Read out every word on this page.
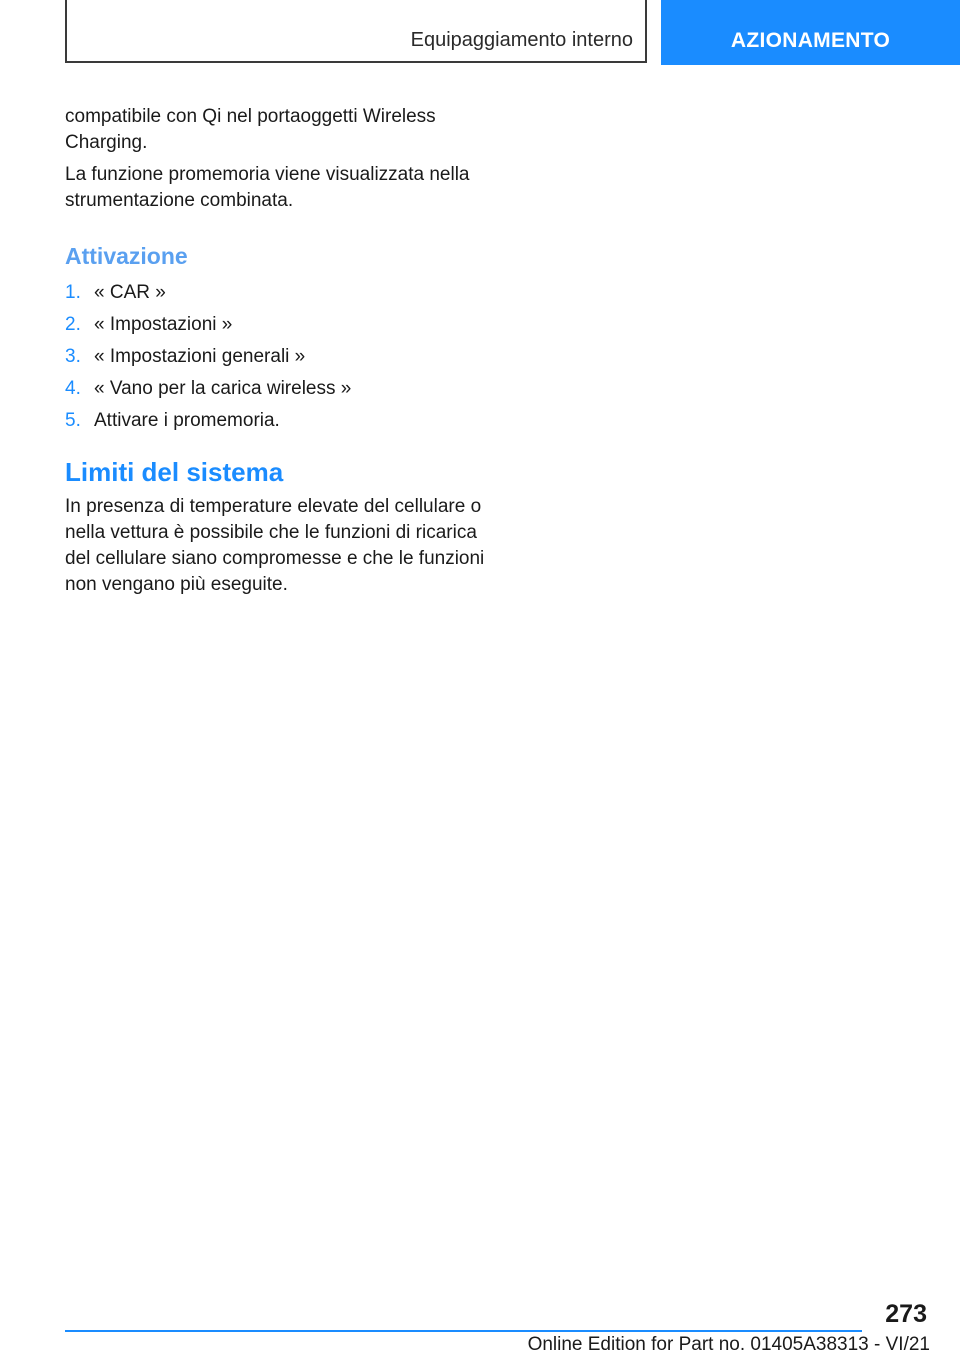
Equipaggiamento interno	AZIONAMENTO

compatibile con Qi nel portaoggetti Wireless Charging.

La funzione promemoria viene visualizzata nella strumentazione combinata.

Attivazione
1. « CAR »
2. « Impostazioni »
3. « Impostazioni generali »
4. « Vano per la carica wireless »
5. Attivare i promemoria.
Limiti del sistema

In presenza di temperature elevate del cellulare o nella vettura è possibile che le funzioni di ricarica del cellulare siano compromesse e che le funzioni non vengano più eseguite.

273
Online Edition for Part no. 01405A38313 - VI/21
